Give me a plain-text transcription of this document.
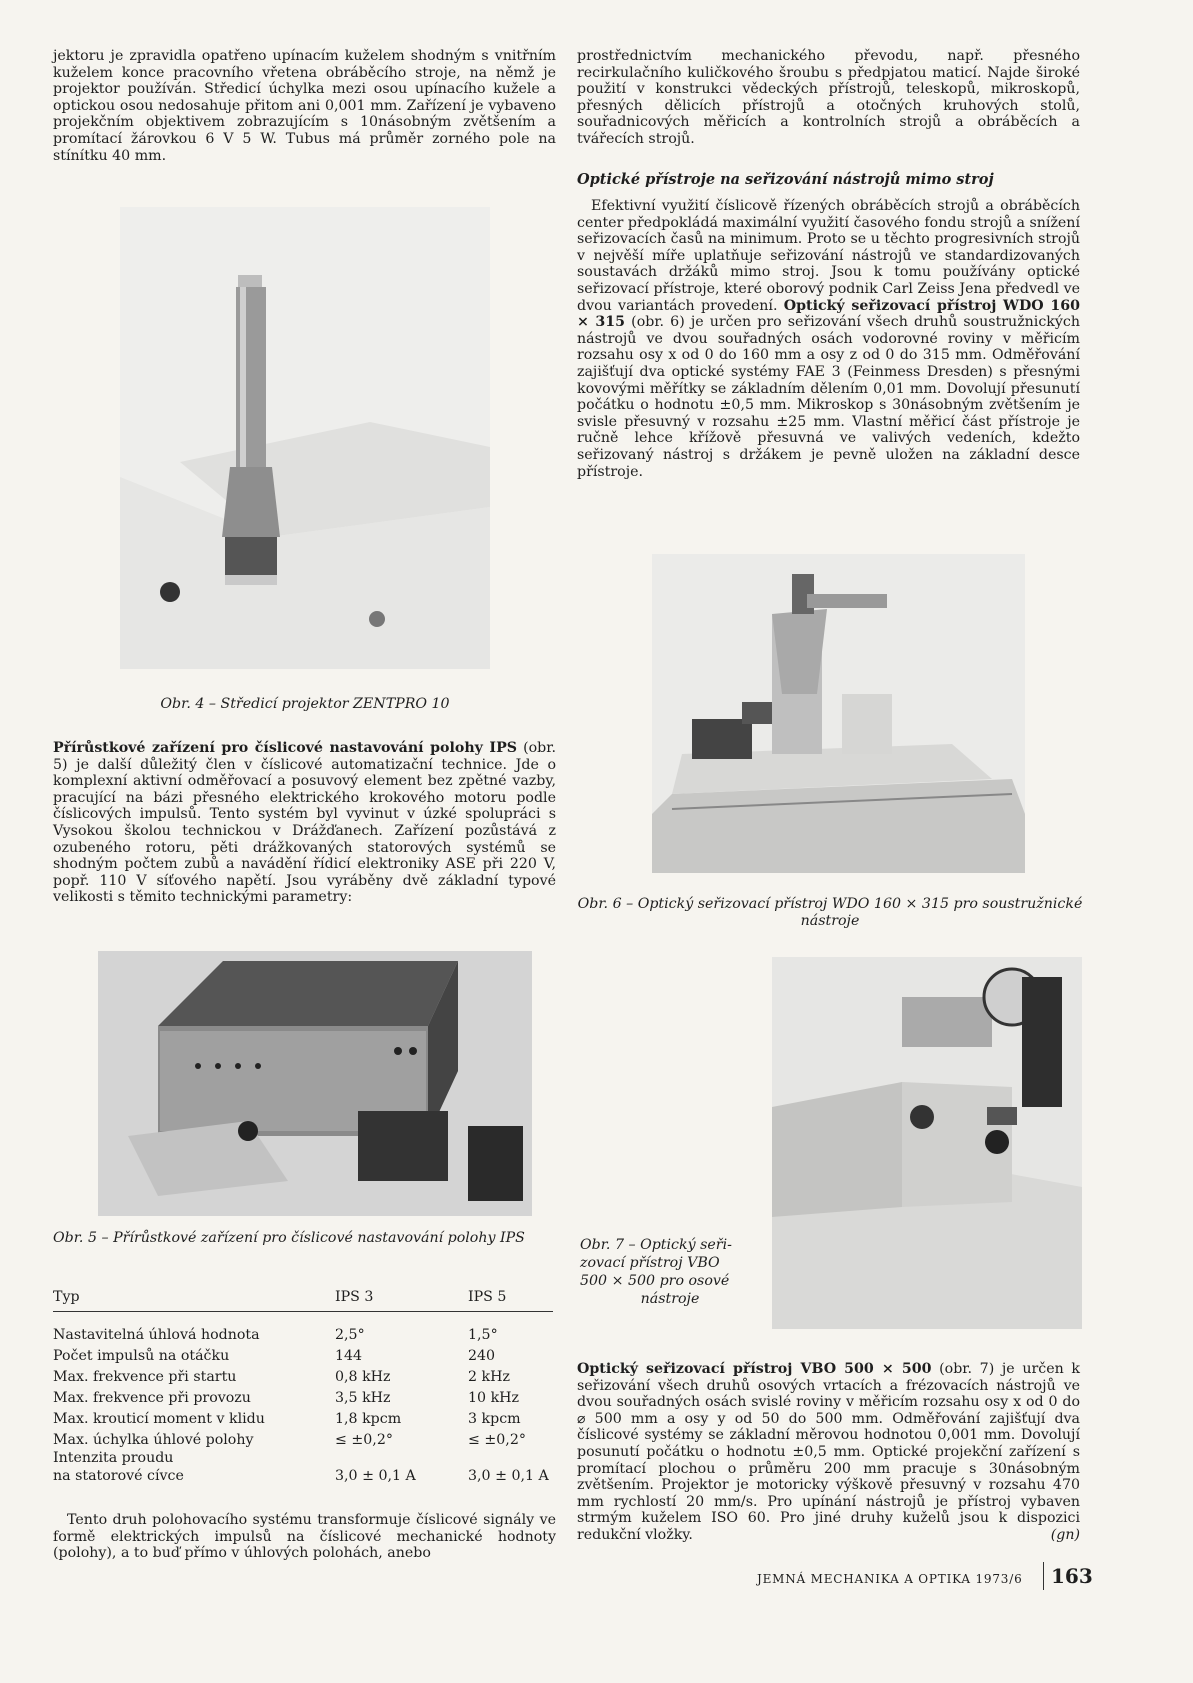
jektoru je zpravidla opatřeno upínacím kuželem shodným s vnitřním kuželem konce pracovního vřetena obráběcího stroje, na němž je projektor používán. Středicí úchylka mezi osou upínacího kužele a optickou osou nedosahuje přitom ani 0,001 mm. Zařízení je vybaveno projekčním objektivem zobrazujícím s 10násobným zvětšením a promítací žárovkou 6 V 5 W. Tubus má průměr zorného pole na stínítku 40 mm.

Obr. 4 – Středicí projektor ZENTPRO 10

Přírůstkové zařízení pro číslicové nastavování polohy IPS (obr. 5) je další důležitý člen v číslicové automatizační technice. Jde o komplexní aktivní odměřovací a posuvový element bez zpětné vazby, pracující na bázi přesného elektrického krokového motoru podle číslicových impulsů. Tento systém byl vyvinut v úzké spolupráci s Vysokou školou technickou v Drážďanech. Zařízení pozůstává z ozubeného rotoru, pěti drážkovaných statorových systémů se shodným počtem zubů a navádění řídicí elektroniky ASE při 220 V, popř. 110 V síťového napětí. Jsou vyráběny dvě základní typové velikosti s těmito technickými parametry:

Obr. 5 – Přírůstkové zařízení pro číslicové nastavování polohy IPS
Typ	IPS 3	IPS 5
Nastavitelná úhlová hodnota	2,5°	1,5°
Počet impulsů na otáčku	144	240
Max. frekvence při startu	0,8 kHz	2 kHz
Max. frekvence při provozu	3,5 kHz	10 kHz
Max. krouticí moment v klidu	1,8 kpcm	3 kpcm
Max. úchylka úhlové polohy	≤ ±0,2°	≤ ±0,2°
Intenzita proudu		
na statorové cívce	3,0 ± 0,1 A	3,0 ± 0,1 A

Tento druh polohovacího systému transformuje číslicové signály ve formě elektrických impulsů na číslicové mechanické hodnoty (polohy), a to buď přímo v úhlových polohách, anebo

prostřednictvím mechanického převodu, např. přesného recirkulačního kuličkového šroubu s předpjatou maticí. Najde široké použití v konstrukci vědeckých přístrojů, teleskopů, mikroskopů, přesných dělicích přístrojů a otočných kruhových stolů, souřadnicových měřicích a kontrolních strojů a obráběcích a tvářecích strojů.

Optické přístroje na seřizování nástrojů mimo stroj

Efektivní využití číslicově řízených obráběcích strojů a obráběcích center předpokládá maximální využití časového fondu strojů a snížení seřizovacích časů na minimum. Proto se u těchto progresivních strojů v nejvěší míře uplatňuje seřizování nástrojů ve standardizovaných soustavách držáků mimo stroj. Jsou k tomu používány optické seřizovací přístroje, které oborový podnik Carl Zeiss Jena předvedl ve dvou variantách provedení. Optický seřizovací přístroj WDO 160 × 315 (obr. 6) je určen pro seřizování všech druhů soustružnických nástrojů ve dvou souřadných osách vodorovné roviny v měřicím rozsahu osy x od 0 do 160 mm a osy z od 0 do 315 mm. Odměřování zajišťují dva optické systémy FAE 3 (Feinmess Dresden) s přesnými kovovými měřítky se základním dělením 0,01 mm. Dovolují přesunutí počátku o hodnotu ±0,5 mm. Mikroskop s 30násobným zvětšením je svisle přesuvný v rozsahu ±25 mm. Vlastní měřicí část přístroje je ručně lehce křížově přesuvná ve valivých vedeních, kdežto seřizovaný nástroj s držákem je pevně uložen na základní desce přístroje.

Obr. 6 – Optický seřizovací přístroj WDO 160 × 315 pro soustružnické nástroje
Obr. 7 – Optický seři-
zovací přístroj VBO
500 × 500 pro osové
nástroje

Optický seřizovací přístroj VBO 500 × 500 (obr. 7) je určen k seřizování všech druhů osových vrtacích a frézovacích nástrojů ve dvou souřadných osách svislé roviny v měřicím rozsahu osy x od 0 do ⌀ 500 mm a osy y od 50 do 500 mm. Odměřování zajišťují dva číslicové systémy se základní měrovou hodnotou 0,001 mm. Dovolují posunutí počátku o hodnotu ±0,5 mm. Optické projekční zařízení s promítací plochou o průměru 200 mm pracuje s 30násobným zvětšením. Projektor je motoricky výškově přesuvný v rozsahu 470 mm rychlostí 20 mm/s. Pro upínání nástrojů je přístroj vybaven strmým kuželem ISO 60. Pro jiné druhy kuželů jsou k dispozici redukční vložky.	(gn)

JEMNÁ MECHANIKA A OPTIKA 1973/6 163
